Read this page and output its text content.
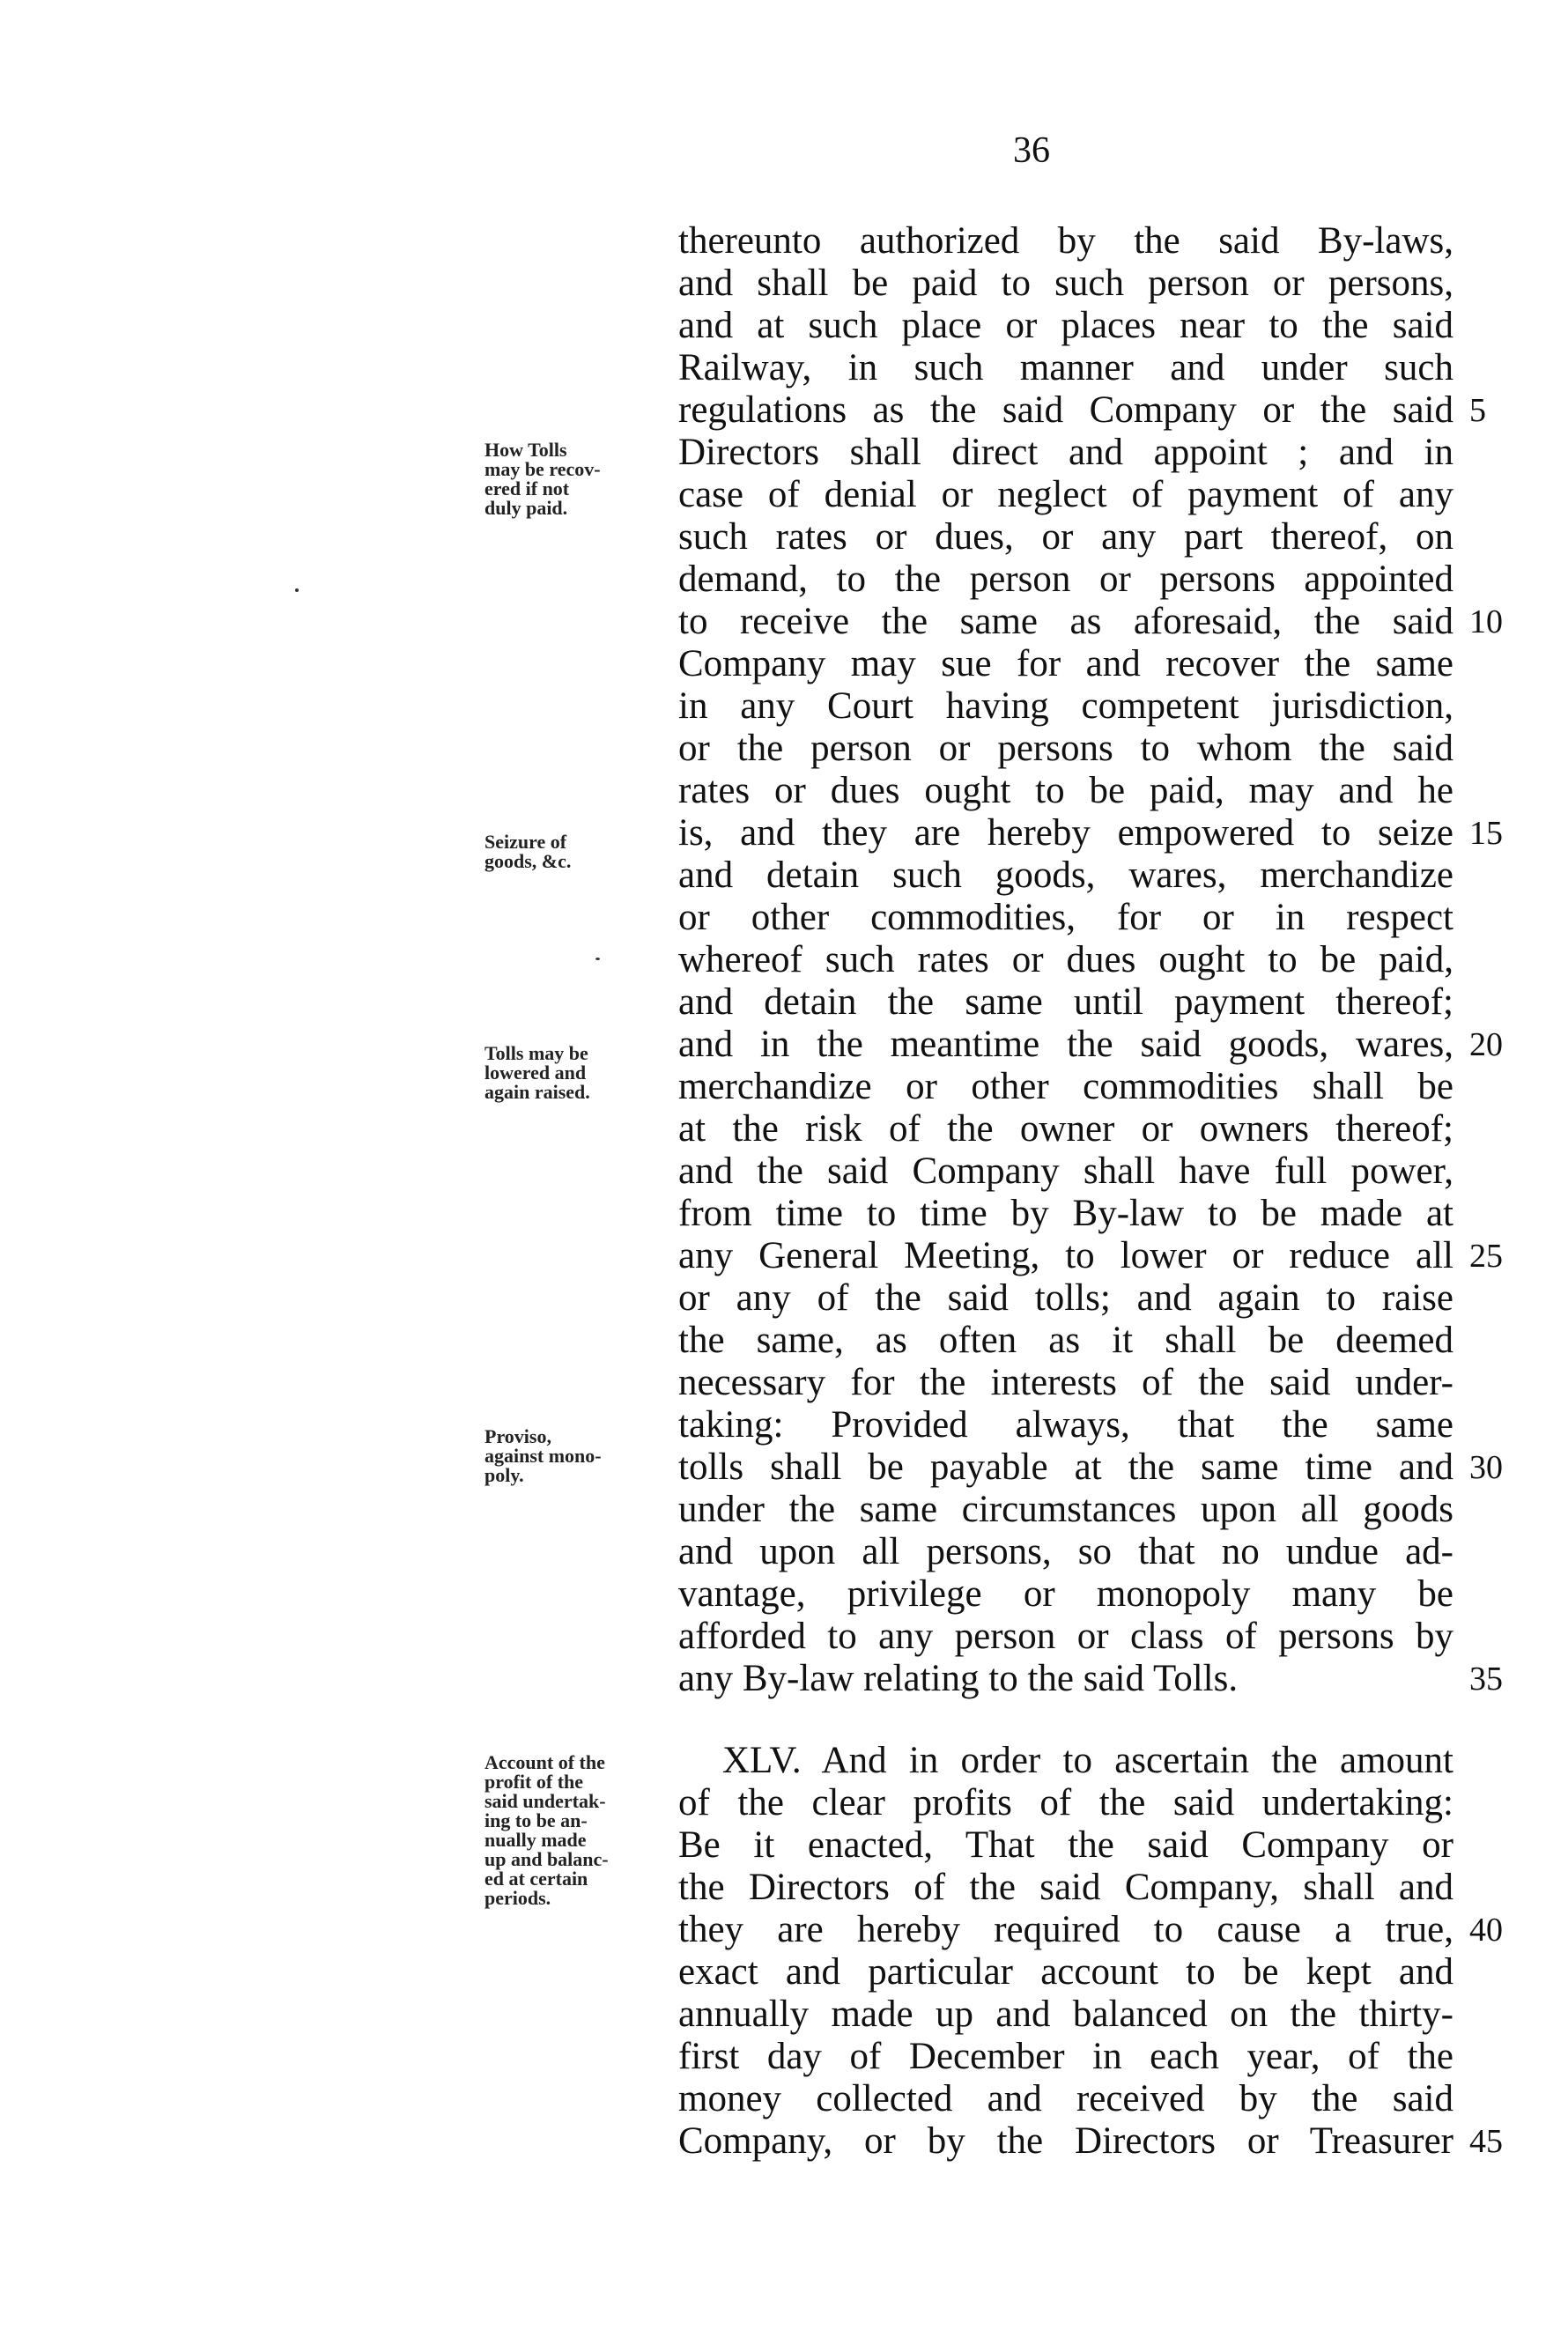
36
thereunto authorized by the said By-laws,
and shall be paid to such person or persons,
and at such place or places near to the said
Railway, in such manner and under such
regulations as the said Company or the said
Directors shall direct and appoint ; and in
case of denial or neglect of payment of any
such rates or dues, or any part thereof, on
demand, to the person or persons appointed
to receive the same as aforesaid, the said
Company may sue for and recover the same
in any Court having competent jurisdiction,
or the person or persons to whom the said
rates or dues ought to be paid, may and he
is, and they are hereby empowered to seize
and detain such goods, wares, merchandize
or other commodities, for or in respect
whereof such rates or dues ought to be paid,
and detain the same until payment thereof;
and in the meantime the said goods, wares,
merchandize or other commodities shall be
at the risk of the owner or owners thereof;
and the said Company shall have full power,
from time to time by By-law to be made at
any General Meeting, to lower or reduce all
or any of the said tolls; and again to raise
the same, as often as it shall be deemed
necessary for the interests of the said under-
taking: Provided always, that the same
tolls shall be payable at the same time and
under the same circumstances upon all goods
and upon all persons, so that no undue ad-
vantage, privilege or monopoly many be
afforded to any person or class of persons by
any By-law relating to the said Tolls.
XLV. And in order to ascertain the amount
of the clear profits of the said undertaking:
Be it enacted, That the said Company or
the Directors of the said Company, shall and
they are hereby required to cause a true,
exact and particular account to be kept and
annually made up and balanced on the thirty-
first day of December in each year, of the
money collected and received by the said
Company, or by the Directors or Treasurer
5
10
15
20
25
30
35
40
45
How Tolls
may be recov-
ered if not
duly paid.
Seizure of
goods, &c.
Tolls may be
lowered and
again raised.
Proviso,
against mono-
poly.
Account of the
profit of the
said undertak-
ing to be an-
nually made
up and balanc-
ed at certain
periods.
